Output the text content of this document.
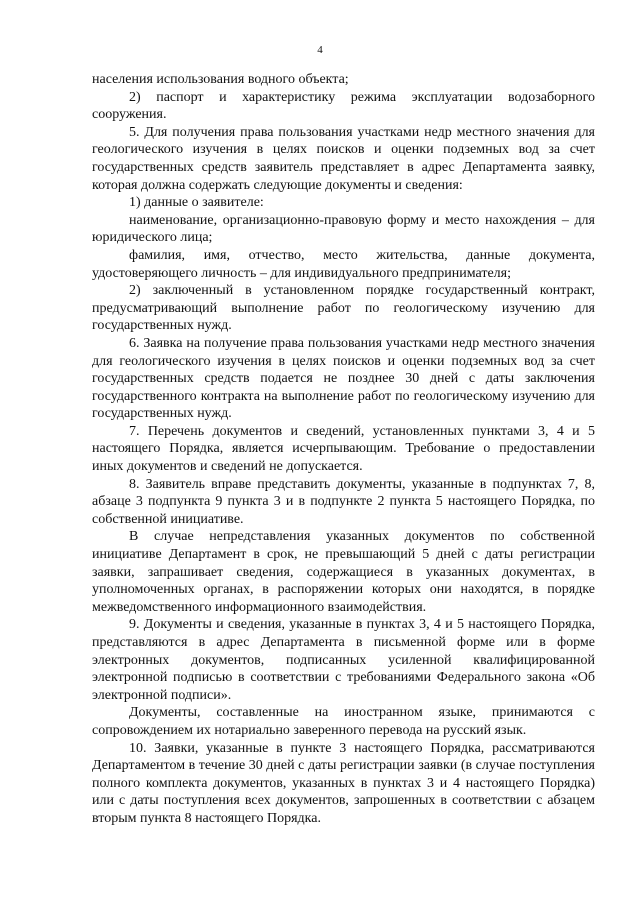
4

населения использования водного объекта;

2) паспорт и характеристику режима эксплуатации водозаборного сооружения.

5. Для получения права пользования участками недр местного значения для геологического изучения в целях поисков и оценки подземных вод за счет государственных средств заявитель представляет в адрес Департамента заявку, которая должна содержать следующие документы и сведения:

1) данные о заявителе:

наименование, организационно-правовую форму и место нахождения – для юридического лица;

фамилия, имя, отчество, место жительства, данные документа, удостоверяющего личность – для индивидуального предпринимателя;

2) заключенный в установленном порядке государственный контракт, предусматривающий выполнение работ по геологическому изучению для государственных нужд.

6. Заявка на получение права пользования участками недр местного значения для геологического изучения в целях поисков и оценки подземных вод за счет государственных средств подается не позднее 30 дней с даты заключения государственного контракта на выполнение работ по геологическому изучению для государственных нужд.

7. Перечень документов и сведений, установленных пунктами 3, 4 и 5 настоящего Порядка, является исчерпывающим. Требование о предоставлении иных документов и сведений не допускается.

8. Заявитель вправе представить документы, указанные в подпунктах 7, 8, абзаце 3 подпункта 9 пункта 3 и в подпункте 2 пункта 5 настоящего Порядка, по собственной инициативе.

В случае непредставления указанных документов по собственной инициативе Департамент в срок, не превышающий 5 дней с даты регистрации заявки, запрашивает сведения, содержащиеся в указанных документах, в уполномоченных органах, в распоряжении которых они находятся, в порядке межведомственного информационного взаимодействия.

9. Документы и сведения, указанные в пунктах 3, 4 и 5 настоящего Порядка, представляются в адрес Департамента в письменной форме или в форме электронных документов, подписанных усиленной квалифицированной электронной подписью в соответствии с требованиями Федерального закона «Об электронной подписи».

Документы, составленные на иностранном языке, принимаются с сопровождением их нотариально заверенного перевода на русский язык.

10. Заявки, указанные в пункте 3 настоящего Порядка, рассматриваются Департаментом в течение 30 дней с даты регистрации заявки (в случае поступления полного комплекта документов, указанных в пунктах 3 и 4 настоящего Порядка) или с даты поступления всех документов, запрошенных в соответствии с абзацем вторым пункта 8 настоящего Порядка.
